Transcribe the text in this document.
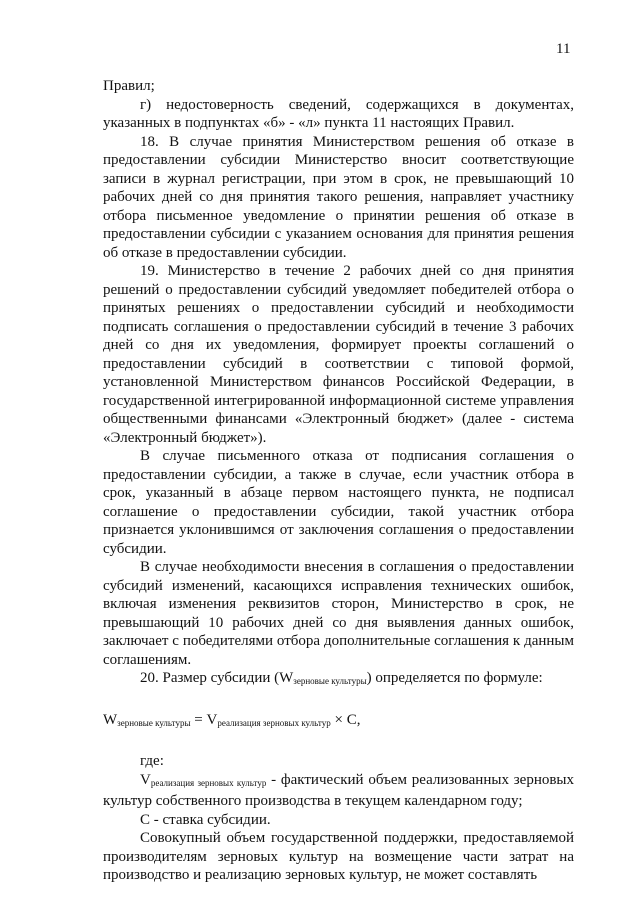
11

Правил;

г) недостоверность сведений, содержащихся в документах, указанных в подпунктах «б» - «л» пункта 11 настоящих Правил.

18. В случае принятия Министерством решения об отказе в предоставлении субсидии Министерство вносит соответствующие записи в журнал регистрации, при этом в срок, не превышающий 10 рабочих дней со дня принятия такого решения, направляет участнику отбора письменное уведомление о принятии решения об отказе в предоставлении субсидии с указанием основания для принятия решения об отказе в предоставлении субсидии.

19. Министерство в течение 2 рабочих дней со дня принятия решений о предоставлении субсидий уведомляет победителей отбора о принятых решениях о предоставлении субсидий и необходимости подписать соглашения о предоставлении субсидий в течение 3 рабочих дней со дня их уведомления, формирует проекты соглашений о предоставлении субсидий в соответствии с типовой формой, установленной Министерством финансов Российской Федерации, в государственной интегрированной информационной системе управления общественными финансами «Электронный бюджет» (далее - система «Электронный бюджет»).

В случае письменного отказа от подписания соглашения о предоставлении субсидии, а также в случае, если участник отбора в срок, указанный в абзаце первом настоящего пункта, не подписал соглашение о предоставлении субсидии, такой участник отбора признается уклонившимся от заключения соглашения о предоставлении субсидии.

В случае необходимости внесения в соглашения о предоставлении субсидий изменений, касающихся исправления технических ошибок, включая изменения реквизитов сторон, Министерство в срок, не превышающий 10 рабочих дней со дня выявления данных ошибок, заключает с победителями отбора дополнительные соглашения к данным соглашениям.

20. Размер субсидии $(W_{зерновые культуры})$ определяется по формуле:

$W_{зерновые культуры} = V_{реализация зерновых культур} \times C$,

где:

$V_{реализация зерновых культур}$ - фактический объем реализованных зерновых культур собственного производства в текущем календарном году;

С - ставка субсидии.

Совокупный объем государственной поддержки, предоставляемой производителям зерновых культур на возмещение части затрат на производство и реализацию зерновых культур, не может составлять
